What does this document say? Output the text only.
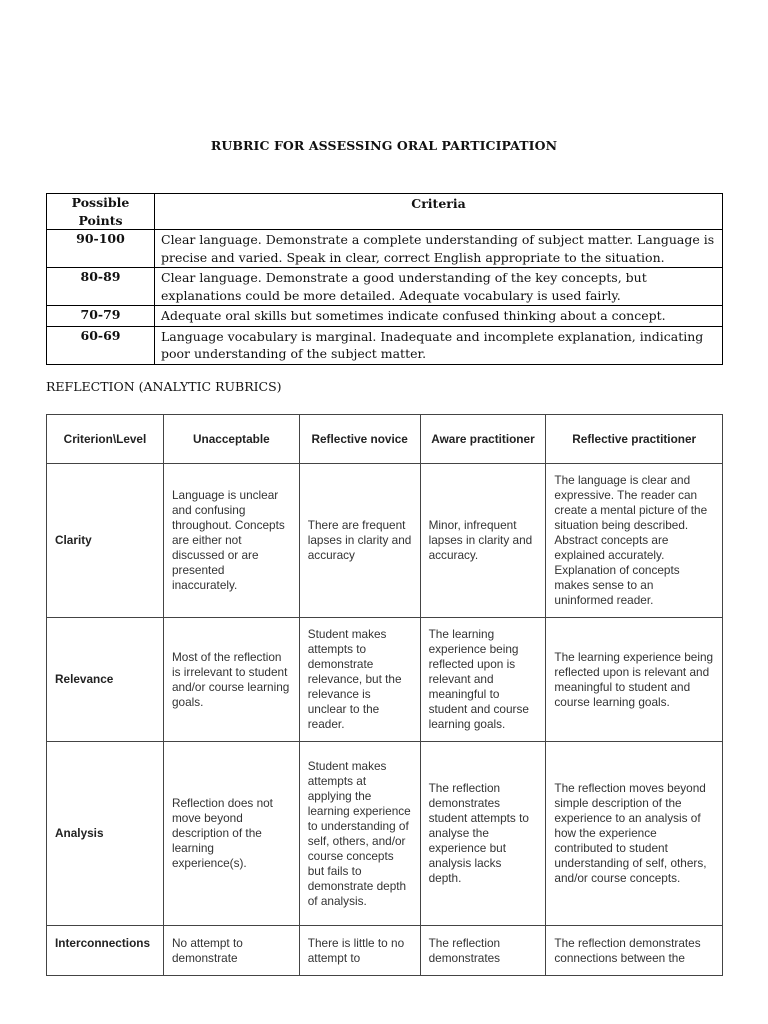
RUBRIC FOR ASSESSING ORAL PARTICIPATION
Possible Points	Criteria
90-100	Clear language. Demonstrate a complete understanding of subject matter. Language is precise and varied. Speak in clear, correct English appropriate to the situation.
80-89	Clear language. Demonstrate a good understanding of the key concepts, but explanations could be more detailed. Adequate vocabulary is used fairly.
70-79	Adequate oral skills but sometimes indicate confused thinking about a concept.
60-69	Language vocabulary is marginal. Inadequate and incomplete explanation, indicating poor understanding of the subject matter.
REFLECTION (ANALYTIC RUBRICS)
Criterion\Level	Unacceptable	Reflective novice	Aware practitioner	Reflective practitioner
Clarity	Language is unclear and confusing throughout. Concepts are either not discussed or are presented inaccurately.	There are frequent lapses in clarity and accuracy	Minor, infrequent lapses in clarity and accuracy.	The language is clear and expressive. The reader can create a mental picture of the situation being described. Abstract concepts are explained accurately. Explanation of concepts makes sense to an uninformed reader.
Relevance	Most of the reflection is irrelevant to student and/or course learning goals.	Student makes attempts to demonstrate relevance, but the relevance is unclear to the reader.	The learning experience being reflected upon is relevant and meaningful to student and course learning goals.	The learning experience being reflected upon is relevant and meaningful to student and course learning goals.
Analysis	Reflection does not move beyond description of the learning experience(s).	Student makes attempts at applying the learning experience to understanding of self, others, and/or course concepts but fails to demonstrate depth of analysis.	The reflection demonstrates student attempts to analyse the experience but analysis lacks depth.	The reflection moves beyond simple description of the experience to an analysis of how the experience contributed to student understanding of self, others, and/or course concepts.
Interconnections	No attempt to demonstrate	There is little to no attempt to	The reflection demonstrates	The reflection demonstrates connections between the
